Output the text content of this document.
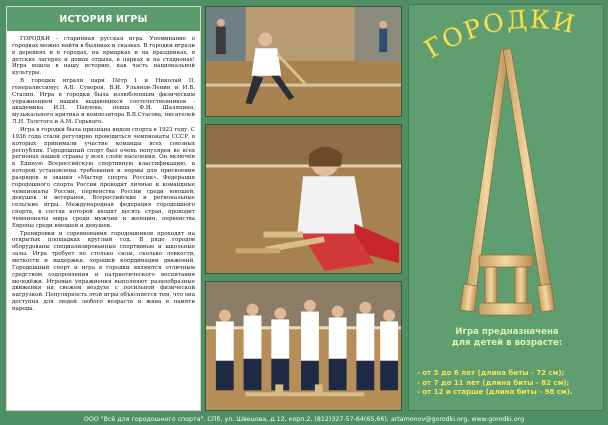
ИСТОРИЯ ИГРЫ

ГОРОДКИ – старинная русская игра. Упоминание о городках можно найти в былинах и сказках. В городки играли в деревнях и в городах, на ярмарках и на праздниках, в детских лагерях и домах отдыха, в парках и на стадионах! Игра вошла в нашу историю, как часть национальной культуры.

В городки играли цари Пётр I и Николай II, генералиссимус А.В. Суворов, В.И. Ульянов-Ленин и И.В. Сталин. Игра в городки была излюбленным физическим упражнением наших выдающихся соотечественников - академика И.П. Павлова, певца Ф.И. Шаляпина, музыкального критика и композитора В.В.Стасова, писателей Л.Н. Толстого и А.М. Горького.

Игра в городки была признана видом спорта в 1923 году. С 1936 года стали регулярно проводиться чемпионаты СССР, в которых принимали участие команды всех союзных республик. Городошный спорт был очень популярен во всех регионах нашей страны у всех слоёв населения. Он включён в Единую Всероссийскую спортивную классификацию, в которой установлены требования и нормы для присвоения разрядов и звания «Мастер спорта России». Федерация городошного спорта России проводит личные и командные чемпионаты России, первенства России среди юношей, девушек и ветеранов, Всероссийские и региональные сельские игры. Международная федерация городошного спорта, в состав которой входят десять стран, проводит чемпионаты мира среди мужчин и женщин, первенства Европы среди юношей и девушек.

Тренировки и соревнования городошников проходят на открытых площадках круглый год. В ряде городов оборудованы специализированные спортивные и школьные залы. Игра требует не столько силы, сколько ловкости, меткости и выдержки, хорошей координации движений. Городошный спорт и игра в городки являются отличным средством оздоровления и патриотического воспитания молодёжи. Игровые упражнения выполняют разнообразные движения на свежем воздухе с посильной физической нагрузкой. Популярность этой игры объясняется тем, что она доступна для людей любого возраста и жива в памяти народа.

ГОРОДКИ
Игра предназначена
для детей в возрасте:
- от 3 до 6 лет (длина биты - 72 см);
- от 7 до 11 лет (длина биты - 82 см);
- от 12 и старше (длина биты - 98 см).
ООО "Всё для городошного спорта". СПб, ул. Швецова, д.12, корп.2, (812)327-57-64(65,66), artamonov@gorodki.org, www.gorodki.org
